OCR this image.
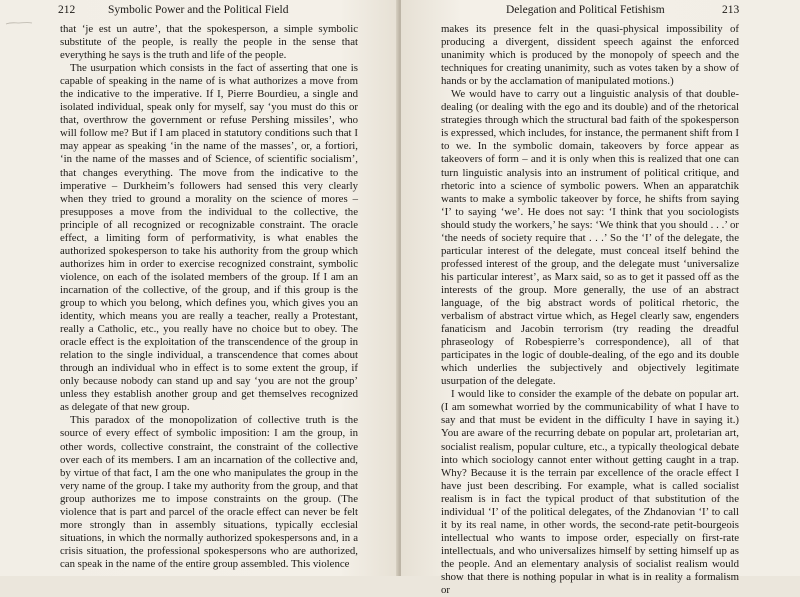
212	Symbolic Power and the Political Field

that ‘je est un autre’, that the spokesperson, a simple symbolic substitute of the people, is really the people in the sense that everything he says is the truth and life of the people.

The usurpation which consists in the fact of asserting that one is capable of speaking in the name of is what authorizes a move from the indicative to the imperative. If I, Pierre Bourdieu, a single and isolated individual, speak only for myself, say ‘you must do this or that, overthrow the government or refuse Pershing missiles’, who will follow me? But if I am placed in statutory conditions such that I may appear as speaking ‘in the name of the masses’, or, a fortiori, ‘in the name of the masses and of Science, of scientific socialism’, that changes everything. The move from the indicative to the imperative – Durkheim’s followers had sensed this very clearly when they tried to ground a morality on the science of mores – presupposes a move from the individual to the collective, the principle of all recognized or recognizable constraint. The oracle effect, a limiting form of performativity, is what enables the authorized spokesperson to take his authority from the group which authorizes him in order to exercise recognized constraint, symbolic violence, on each of the isolated members of the group. If I am an incarnation of the collective, of the group, and if this group is the group to which you belong, which defines you, which gives you an identity, which means you are really a teacher, really a Protestant, really a Catholic, etc., you really have no choice but to obey. The oracle effect is the exploitation of the transcendence of the group in relation to the single individual, a transcendence that comes about through an individual who in effect is to some extent the group, if only because nobody can stand up and say ‘you are not the group’ unless they establish another group and get themselves recognized as delegate of that new group.

This paradox of the monopolization of collective truth is the source of every effect of symbolic imposition: I am the group, in other words, collective constraint, the constraint of the collective over each of its members. I am an incarnation of the collective and, by virtue of that fact, I am the one who manipulates the group in the very name of the group. I take my authority from the group, and that group authorizes me to impose constraints on the group. (The violence that is part and parcel of the oracle effect can never be felt more strongly than in assembly situations, typically ecclesial situations, in which the normally authorized spokespersons and, in a crisis situation, the professional spokespersons who are authorized, can speak in the name of the entire group assembled. This violence

Delegation and Political Fetishism	213

makes its presence felt in the quasi-physical impossibility of producing a divergent, dissident speech against the enforced unanimity which is produced by the monopoly of speech and the techniques for creating unanimity, such as votes taken by a show of hands or by the acclamation of manipulated motions.)

We would have to carry out a linguistic analysis of that double-dealing (or dealing with the ego and its double) and of the rhetorical strategies through which the structural bad faith of the spokesperson is expressed, which includes, for instance, the permanent shift from I to we. In the symbolic domain, takeovers by force appear as takeovers of form – and it is only when this is realized that one can turn linguistic analysis into an instrument of political critique, and rhetoric into a science of symbolic powers. When an apparatchik wants to make a symbolic takeover by force, he shifts from saying ‘I’ to saying ‘we’. He does not say: ‘I think that you sociologists should study the workers,’ he says: ‘We think that you should . . .’ or ‘the needs of society require that . . .’ So the ‘I’ of the delegate, the particular interest of the delegate, must conceal itself behind the professed interest of the group, and the delegate must ‘universalize his particular interest’, as Marx said, so as to get it passed off as the interests of the group. More generally, the use of an abstract language, of the big abstract words of political rhetoric, the verbalism of abstract virtue which, as Hegel clearly saw, engenders fanaticism and Jacobin terrorism (try reading the dreadful phraseology of Robespierre’s correspondence), all of that participates in the logic of double-dealing, of the ego and its double which underlies the subjectively and objectively legitimate usurpation of the delegate.

I would like to consider the example of the debate on popular art. (I am somewhat worried by the communicability of what I have to say and that must be evident in the difficulty I have in saying it.) You are aware of the recurring debate on popular art, proletarian art, socialist realism, popular culture, etc., a typically theological debate into which sociology cannot enter without getting caught in a trap. Why? Because it is the terrain par excellence of the oracle effect I have just been describing. For example, what is called socialist realism is in fact the typical product of that substitution of the individual ‘I’ of the political delegates, of the Zhdanovian ‘I’ to call it by its real name, in other words, the second-rate petit-bourgeois intellectual who wants to impose order, especially on first-rate intellectuals, and who universalizes himself by setting himself up as the people. And an elementary analysis of socialist realism would show that there is nothing popular in what is in reality a formalism or
